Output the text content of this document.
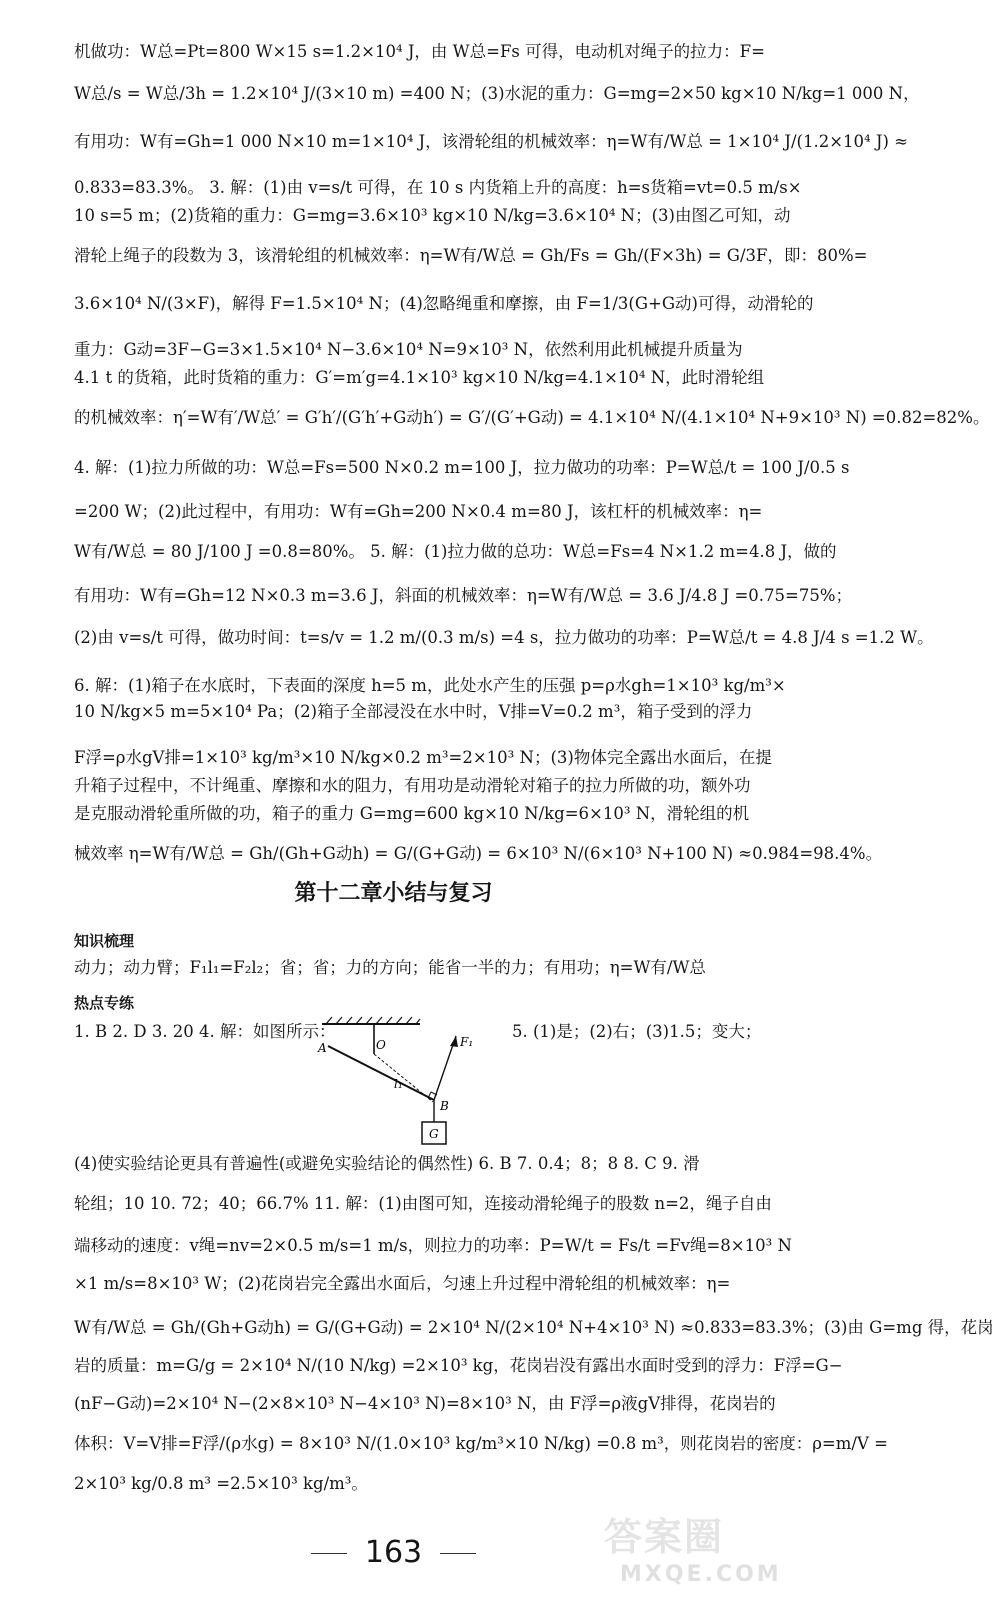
机做功：W总=Pt=800 W×15 s=1.2×10⁴ J，由 W总=Fs 可得，电动机对绳子的拉力：F=
W总/s = W总/3h = 1.2×10⁴ J/(3×10 m) =400 N；(3)水泥的重力：G=mg=2×50 kg×10 N/kg=1 000 N，
有用功：W有=Gh=1 000 N×10 m=1×10⁴ J，该滑轮组的机械效率：η=W有/W总 = 1×10⁴ J/(1.2×10⁴ J) ≈
0.833=83.3%。 3. 解：(1)由 v=s/t 可得，在 10 s 内货箱上升的高度：h=s货箱=vt=0.5 m/s×
10 s=5 m；(2)货箱的重力：G=mg=3.6×10³ kg×10 N/kg=3.6×10⁴ N；(3)由图乙可知，动
滑轮上绳子的段数为 3，该滑轮组的机械效率：η=W有/W总 = Gh/Fs = Gh/(F×3h) = G/3F，即：80%=
3.6×10⁴ N/(3×F)，解得 F=1.5×10⁴ N；(4)忽略绳重和摩擦，由 F=1/3(G+G动)可得，动滑轮的
重力：G动=3F−G=3×1.5×10⁴ N−3.6×10⁴ N=9×10³ N，依然利用此机械提升质量为
4.1 t 的货箱，此时货箱的重力：G′=m′g=4.1×10³ kg×10 N/kg=4.1×10⁴ N，此时滑轮组
的机械效率：η′=W有′/W总′ = G′h′/(G′h′+G动h′) = G′/(G′+G动) = 4.1×10⁴ N/(4.1×10⁴ N+9×10³ N) =0.82=82%。
4. 解：(1)拉力所做的功：W总=Fs=500 N×0.2 m=100 J，拉力做功的功率：P=W总/t = 100 J/0.5 s
=200 W；(2)此过程中，有用功：W有=Gh=200 N×0.4 m=80 J，该杠杆的机械效率：η=
W有/W总 = 80 J/100 J =0.8=80%。 5. 解：(1)拉力做的总功：W总=Fs=4 N×1.2 m=4.8 J，做的
有用功：W有=Gh=12 N×0.3 m=3.6 J，斜面的机械效率：η=W有/W总 = 3.6 J/4.8 J =0.75=75%；
(2)由 v=s/t 可得，做功时间：t=s/v = 1.2 m/(0.3 m/s) =4 s，拉力做功的功率：P=W总/t = 4.8 J/4 s =1.2 W。
6. 解：(1)箱子在水底时，下表面的深度 h=5 m，此处水产生的压强 p=ρ水gh=1×10³ kg/m³×
10 N/kg×5 m=5×10⁴ Pa；(2)箱子全部浸没在水中时，V排=V=0.2 m³，箱子受到的浮力
F浮=ρ水gV排=1×10³ kg/m³×10 N/kg×0.2 m³=2×10³ N；(3)物体完全露出水面后，在提
升箱子过程中，不计绳重、摩擦和水的阻力，有用功是动滑轮对箱子的拉力所做的功，额外功
是克服动滑轮重所做的功，箱子的重力 G=mg=600 kg×10 N/kg=6×10³ N，滑轮组的机
械效率 η=W有/W总 = Gh/(Gh+G动h) = G/(G+G动) = 6×10³ N/(6×10³ N+100 N) ≈0.984=98.4%。
第十二章小结与复习
知识梳理
动力；动力臂；F₁l₁=F₂l₂；省；省；力的方向；能省一半的力；有用功；η=W有/W总
热点专练
1. B 2. D 3. 20 4. 解：如图所示：	5. (1)是；(2)右；(3)1.5；变大；
A	O
B
F₁
l₁
G
(4)使实验结论更具有普遍性(或避免实验结论的偶然性) 6. B 7. 0.4；8；8 8. C 9. 滑
轮组；10 10. 72；40；66.7% 11. 解：(1)由图可知，连接动滑轮绳子的股数 n=2，绳子自由
端移动的速度：v绳=nv=2×0.5 m/s=1 m/s，则拉力的功率：P=W/t = Fs/t =Fv绳=8×10³ N
×1 m/s=8×10³ W；(2)花岗岩完全露出水面后，匀速上升过程中滑轮组的机械效率：η=
W有/W总 = Gh/(Gh+G动h) = G/(G+G动) = 2×10⁴ N/(2×10⁴ N+4×10³ N) ≈0.833=83.3%；(3)由 G=mg 得，花岗
岩的质量：m=G/g = 2×10⁴ N/(10 N/kg) =2×10³ kg，花岗岩没有露出水面时受到的浮力：F浮=G−
(nF−G动)=2×10⁴ N−(2×8×10³ N−4×10³ N)=8×10³ N，由 F浮=ρ液gV排得，花岗岩的
体积：V=V排=F浮/(ρ水g) = 8×10³ N/(1.0×10³ kg/m³×10 N/kg) =0.8 m³，则花岗岩的密度：ρ=m/V =
2×10³ kg/0.8 m³ =2.5×10³ kg/m³。
163	答案圈
MXQE.COM
